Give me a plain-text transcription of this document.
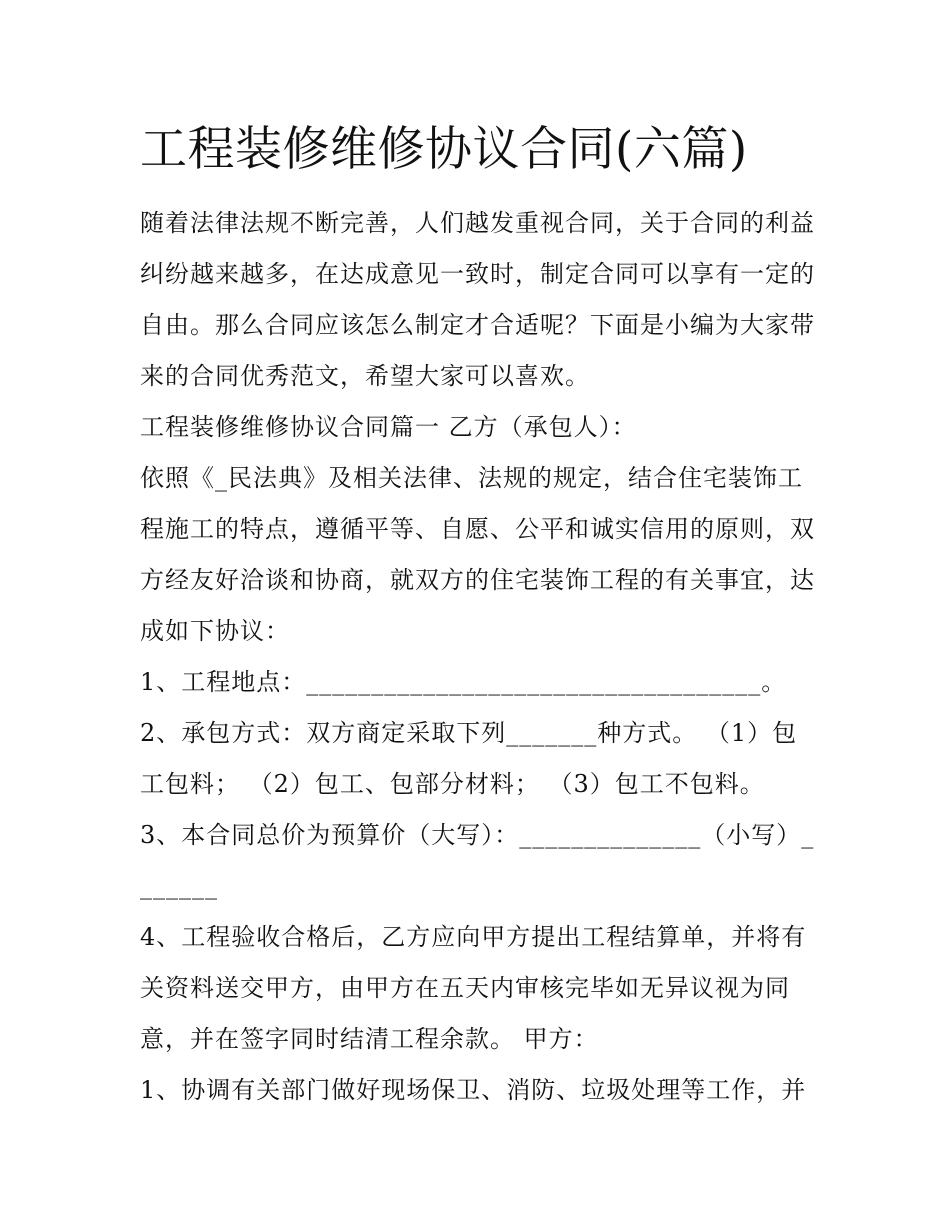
工程装修维修协议合同(六篇)

随着法律法规不断完善，人们越发重视合同，关于合同的利益纠纷越来越多，在达成意见一致时，制定合同可以享有一定的自由。那么合同应该怎么制定才合适呢？下面是小编为大家带来的合同优秀范文，希望大家可以喜欢。

工程装修维修协议合同篇一 乙方（承包人）：

依照《_民法典》及相关法律、法规的规定，结合住宅装饰工程施工的特点，遵循平等、自愿、公平和诚实信用的原则，双方经友好洽谈和协商，就双方的住宅装饰工程的有关事宜，达成如下协议：

1、工程地点：___________________________________。

2、承包方式：双方商定采取下列_______种方式。 （1）包工包料； （2）包工、包部分材料； （3）包工不包料。

3、本合同总价为预算价（大写）：______________（小写）_______

4、工程验收合格后，乙方应向甲方提出工程结算单，并将有关资料送交甲方，由甲方在五天内审核完毕如无异议视为同意，并在签字同时结清工程余款。 甲方：

1、协调有关部门做好现场保卫、消防、垃圾处理等工作，并
